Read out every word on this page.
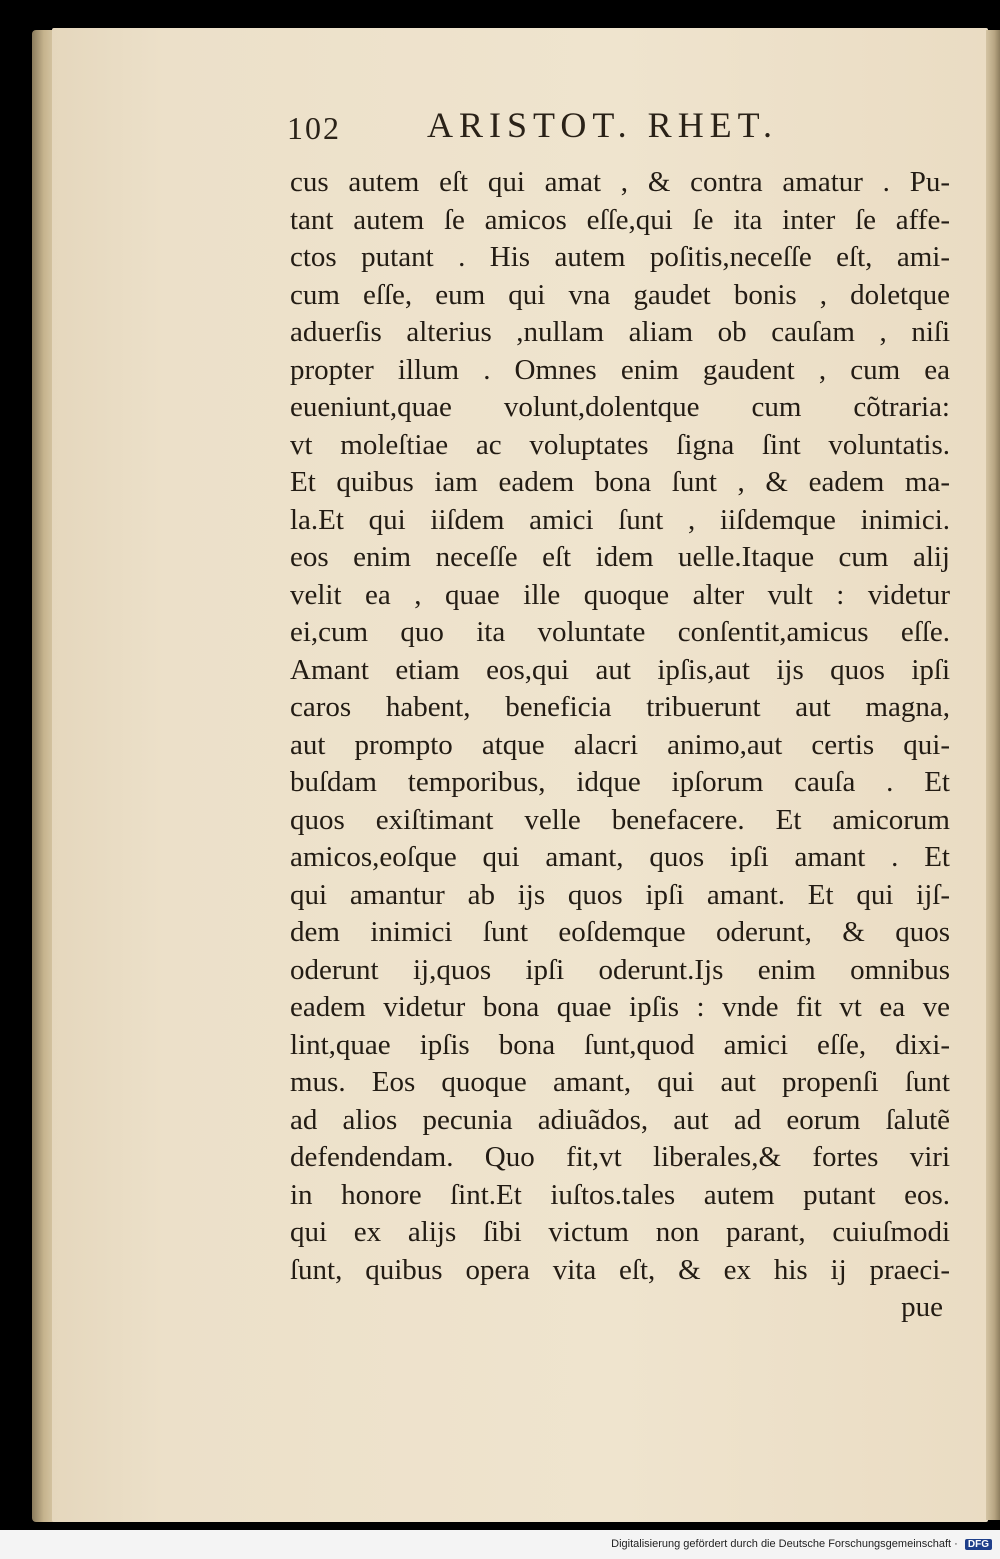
102 ARISTOT. RHET.
cus autem eſt qui amat , & contra amatur . Pu-
tant autem ſe amicos eſſe,qui ſe ita inter ſe affe-
ctos putant . His autem poſitis,neceſſe eſt, ami-
cum eſſe, eum qui vna gaudet bonis , doletque
aduerſis alterius ,nullam aliam ob cauſam , niſi
propter illum . Omnes enim gaudent , cum ea
eueniunt,quae volunt,dolentque cum cõtraria:
vt moleſtiae ac voluptates ſigna ſint voluntatis.
Et quibus iam eadem bona ſunt , & eadem ma-
la.Et qui iiſdem amici ſunt , iiſdemque inimici.
eos enim neceſſe eſt idem uelle.Itaque cum alij
velit ea , quae ille quoque alter vult : videtur
ei,cum quo ita voluntate conſentit,amicus eſſe.
Amant etiam eos,qui aut ipſis,aut ijs quos ipſi
caros habent, beneficia tribuerunt aut magna,
aut prompto atque alacri animo,aut certis qui-
buſdam temporibus, idque ipſorum cauſa . Et
quos exiſtimant velle benefacere. Et amicorum
amicos,eoſque qui amant, quos ipſi amant . Et
qui amantur ab ijs quos ipſi amant. Et qui ijſ-
dem inimici ſunt eoſdemque oderunt, & quos
oderunt ij,quos ipſi oderunt.Ijs enim omnibus
eadem videtur bona quae ipſis : vnde fit vt ea ve
lint,quae ipſis bona ſunt,quod amici eſſe, dixi-
mus. Eos quoque amant, qui aut propenſi ſunt
ad alios pecunia adiuãdos, aut ad eorum ſalutẽ
defendendam. Quo fit,vt liberales,& fortes viri
in honore ſint.Et iuſtos.tales autem putant eos.
qui ex alijs ſibi victum non parant, cuiuſmodi
ſunt, quibus opera vita eſt, & ex his ij praeci-
pue
Digitalisierung gefördert durch die Deutsche Forschungsgemeinschaft · DFG
